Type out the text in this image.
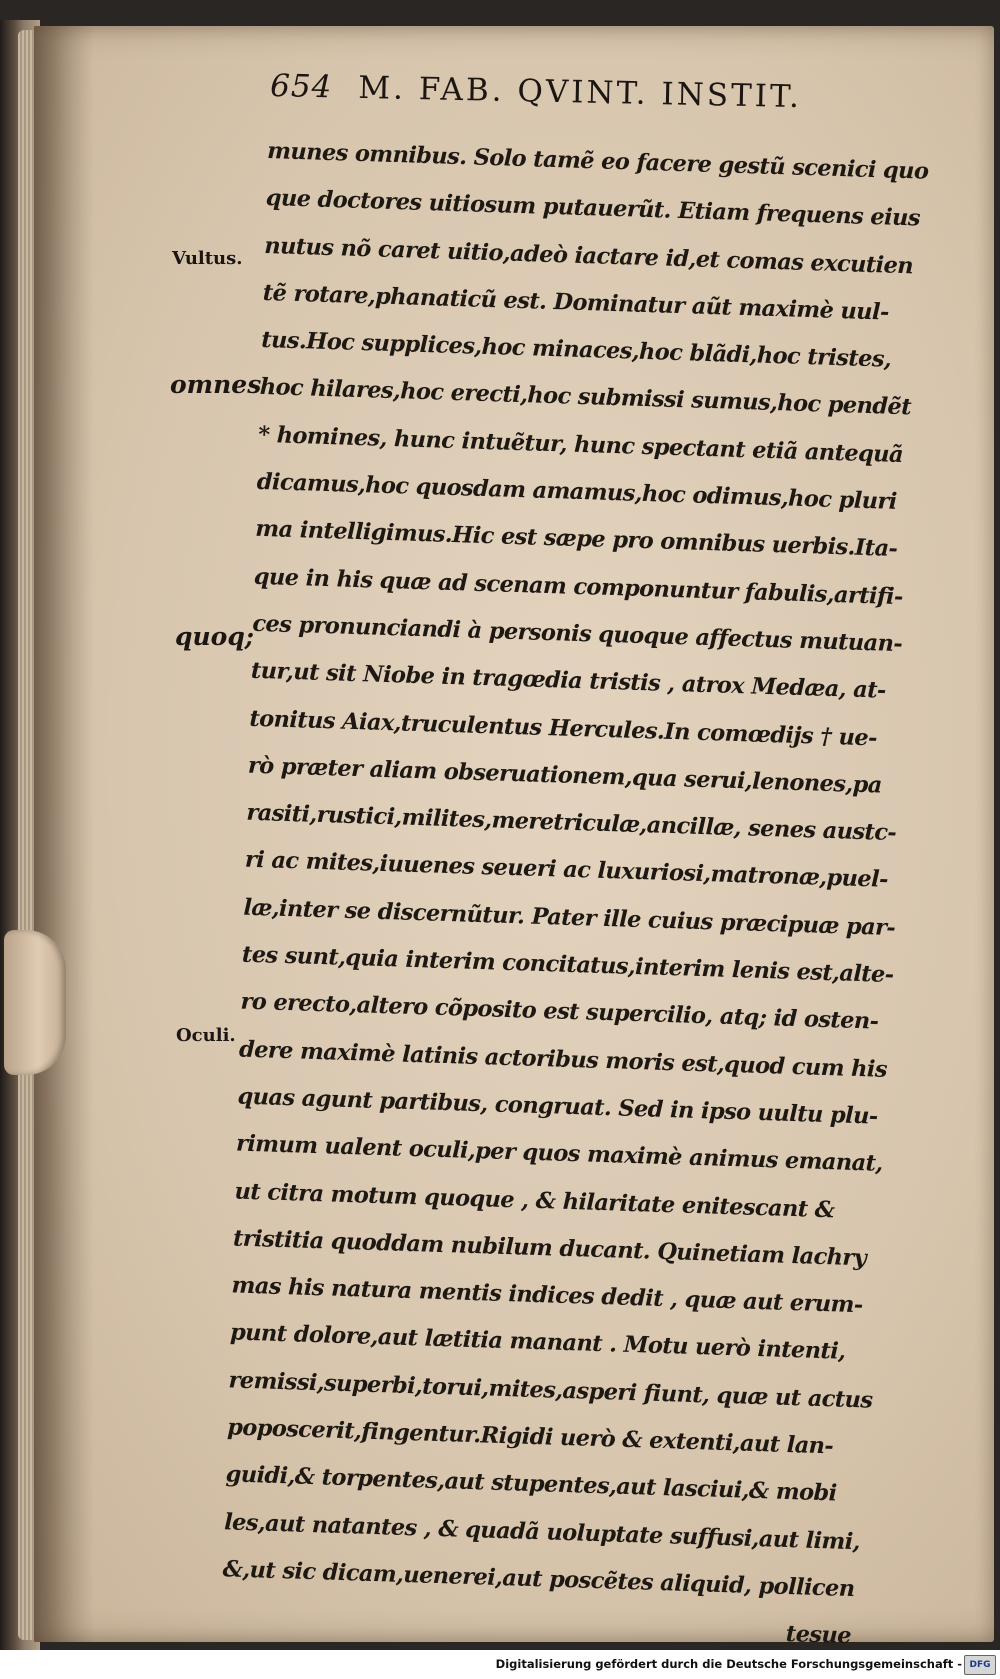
654 M. FAB. QVINT. INSTIT.
Vultus.
omnes
quoq;
Oculi.
munes omnibus. Solo tamẽ eo facere gestũ scenici quo
que doctores uitiosum putauerũt. Etiam frequens eius
nutus nõ caret uitio,adeò iactare id,et comas excutien
tẽ rotare,phanaticũ est. Dominatur aũt maximè uul-
tus.Hoc supplices,hoc minaces,hoc blãdi,hoc tristes,
hoc hilares,hoc erecti,hoc submissi sumus,hoc pendẽt
* homines, hunc intuẽtur, hunc spectant etiã antequã
dicamus,hoc quosdam amamus,hoc odimus,hoc pluri
ma intelligimus.Hic est sæpe pro omnibus uerbis.Ita-
que in his quæ ad scenam componuntur fabulis,artifi-
ces pronunciandi à personis quoque affectus mutuan-
tur,ut sit Niobe in tragœdia tristis , atrox Medæa, at-
tonitus Aiax,truculentus Hercules.In comœdijs † ue-
rò præter aliam obseruationem,qua serui,lenones,pa
rasiti,rustici,milites,meretriculæ,ancillæ, senes austc-
ri ac mites,iuuenes seueri ac luxuriosi,matronæ,puel-
læ,inter se discernũtur. Pater ille cuius præcipuæ par-
tes sunt,quia interim concitatus,interim lenis est,alte-
ro erecto,altero cõposito est supercilio, atq; id osten-
dere maximè latinis actoribus moris est,quod cum his
quas agunt partibus, congruat. Sed in ipso uultu plu-
rimum ualent oculi,per quos maximè animus emanat,
ut citra motum quoque , & hilaritate enitescant &
tristitia quoddam nubilum ducant. Quinetiam lachry
mas his natura mentis indices dedit , quæ aut erum-
punt dolore,aut lætitia manant . Motu uerò intenti,
remissi,superbi,torui,mites,asperi fiunt, quæ ut actus
poposcerit,fingentur.Rigidi uerò & extenti,aut lan-
guidi,& torpentes,aut stupentes,aut lasciui,& mobi
les,aut natantes , & quadã uoluptate suffusi,aut limi,
&,ut sic dicam,uenerei,aut poscẽtes aliquid, pollicen
tesue
Digitalisierung gefördert durch die Deutsche Forschungsgemeinschaft - DFG
